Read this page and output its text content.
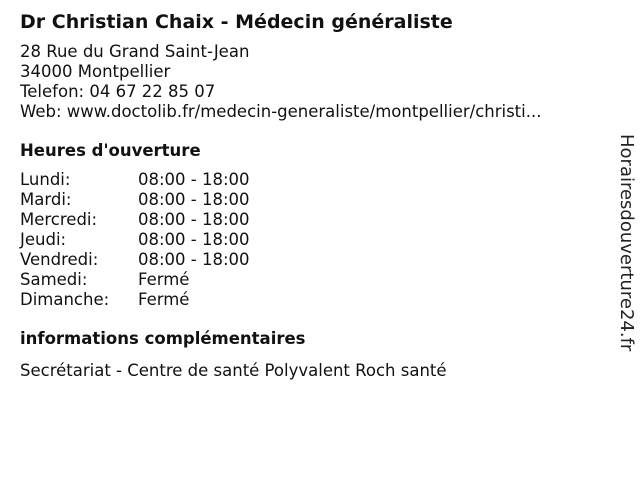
Dr Christian Chaix - Médecin généraliste
28 Rue du Grand Saint-Jean
34000 Montpellier
Telefon: 04 67 22 85 07
Web: www.doctolib.fr/medecin-generaliste/montpellier/christi...
Heures d'ouverture
Lundi:	08:00 - 18:00
Mardi:	08:00 - 18:00
Mercredi:	08:00 - 18:00
Jeudi:	08:00 - 18:00
Vendredi:	08:00 - 18:00
Samedi:	Fermé
Dimanche:	Fermé
informations complémentaires
Secrétariat - Centre de santé Polyvalent Roch santé
Horairesdouverture24.fr
